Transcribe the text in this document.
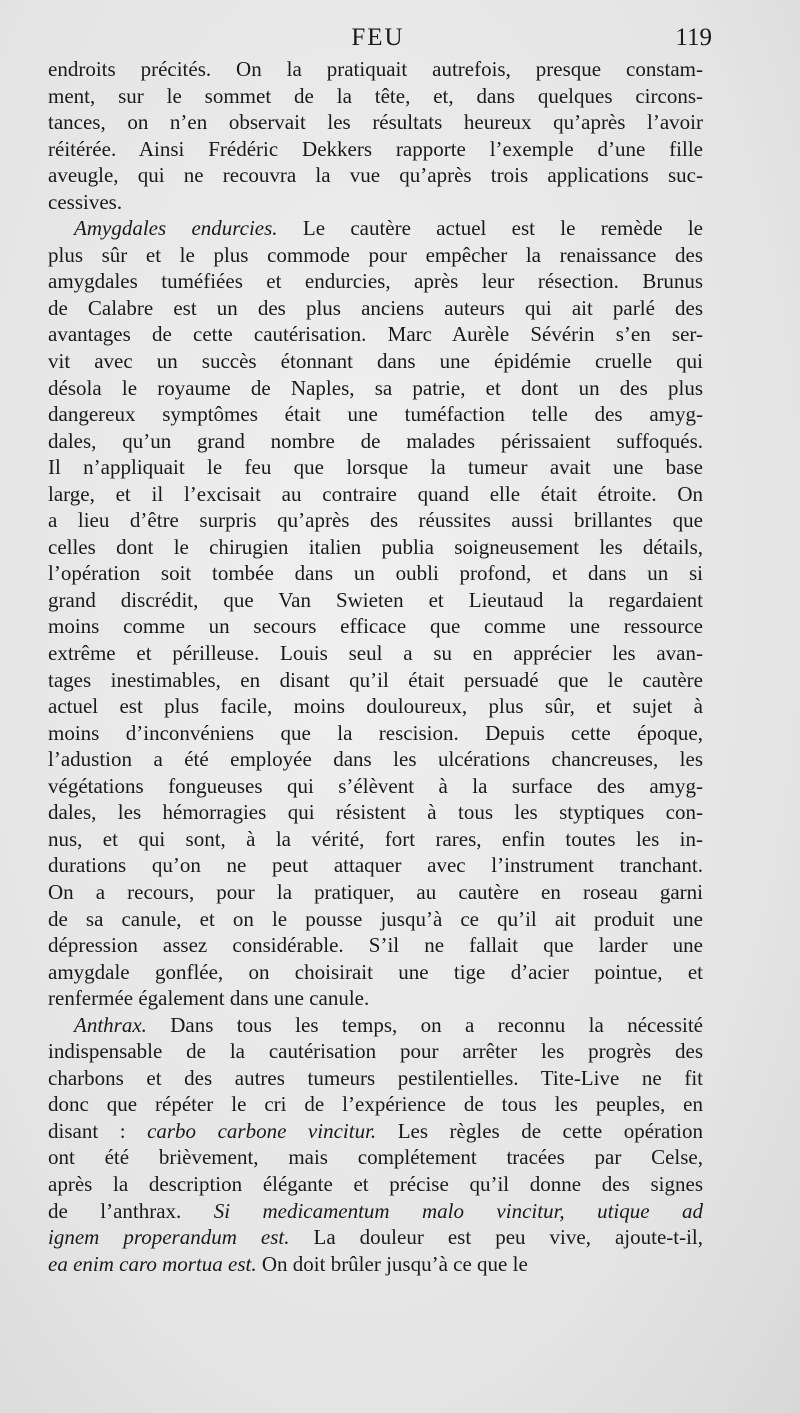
FEU	119
endroits précités. On la pratiquait autrefois, presque constam-
ment, sur le sommet de la tête, et, dans quelques circons-
tances, on n’en observait les résultats heureux qu’après l’avoir
réitérée. Ainsi Frédéric Dekkers rapporte l’exemple d’une fille
aveugle, qui ne recouvra la vue qu’après trois applications suc-
cessives.
Amygdales endurcies. Le cautère actuel est le remède le
plus sûr et le plus commode pour empêcher la renaissance des
amygdales tuméfiées et endurcies, après leur résection. Brunus
de Calabre est un des plus anciens auteurs qui ait parlé des
avantages de cette cautérisation. Marc Aurèle Sévérin s’en ser-
vit avec un succès étonnant dans une épidémie cruelle qui
désola le royaume de Naples, sa patrie, et dont un des plus
dangereux symptômes était une tuméfaction telle des amyg-
dales, qu’un grand nombre de malades périssaient suffoqués.
Il n’appliquait le feu que lorsque la tumeur avait une base
large, et il l’excisait au contraire quand elle était étroite. On
a lieu d’être surpris qu’après des réussites aussi brillantes que
celles dont le chirugien italien publia soigneusement les détails,
l’opération soit tombée dans un oubli profond, et dans un si
grand discrédit, que Van Swieten et Lieutaud la regardaient
moins comme un secours efficace que comme une ressource
extrême et périlleuse. Louis seul a su en apprécier les avan-
tages inestimables, en disant qu’il était persuadé que le cautère
actuel est plus facile, moins douloureux, plus sûr, et sujet à
moins d’inconvéniens que la rescision. Depuis cette époque,
l’adustion a été employée dans les ulcérations chancreuses, les
végétations fongueuses qui s’élèvent à la surface des amyg-
dales, les hémorragies qui résistent à tous les styptiques con-
nus, et qui sont, à la vérité, fort rares, enfin toutes les in-
durations qu’on ne peut attaquer avec l’instrument tranchant.
On a recours, pour la pratiquer, au cautère en roseau garni
de sa canule, et on le pousse jusqu’à ce qu’il ait produit une
dépression assez considérable. S’il ne fallait que larder une
amygdale gonflée, on choisirait une tige d’acier pointue, et
renfermée également dans une canule.
Anthrax. Dans tous les temps, on a reconnu la nécessité
indispensable de la cautérisation pour arrêter les progrès des
charbons et des autres tumeurs pestilentielles. Tite-Live ne fit
donc que répéter le cri de l’expérience de tous les peuples, en
disant : carbo carbone vincitur. Les règles de cette opération
ont été brièvement, mais complétement tracées par Celse,
après la description élégante et précise qu’il donne des signes
de l’anthrax. Si medicamentum malo vincitur, utique ad
ignem properandum est. La douleur est peu vive, ajoute-t-il,
ea enim caro mortua est. On doit brûler jusqu’à ce que le
